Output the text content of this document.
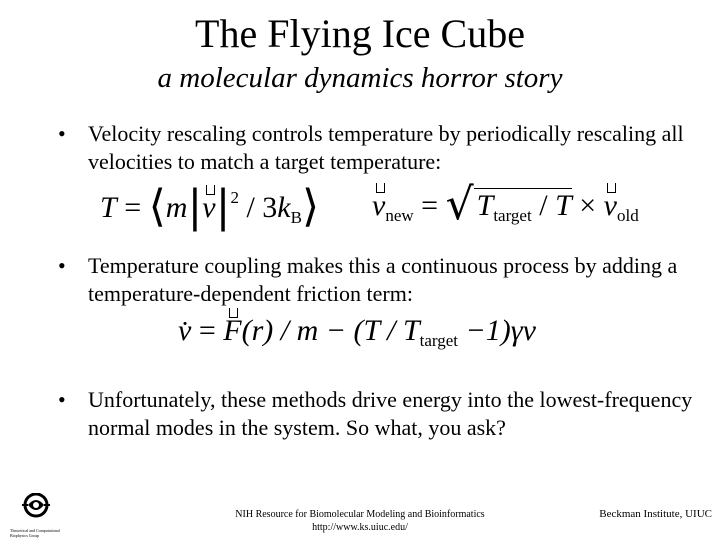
The Flying Ice Cube
a molecular dynamics horror story
• Velocity rescaling controls temperature by periodically rescaling all velocities to match a target temperature:
$T = ⟨m|v|^2$ / $3k_B⟩$ $v_{new}$ = √ $T_{target} / T \times v_{old}$
• Temperature coupling makes this a continuous process by adding a temperature-dependent friction term:
v̇ = $F(r) / m - (T / T_{target} -1)\gamma v$
• Unfortunately, these methods drive energy into the lowest-frequency normal modes in the system. So what, you ask?
Theoretical and Computational
Biophysics Group
NIH Resource for Biomolecular Modeling and Bioinformatics
http://www.ks.uiuc.edu/
Beckman Institute, UIUC
